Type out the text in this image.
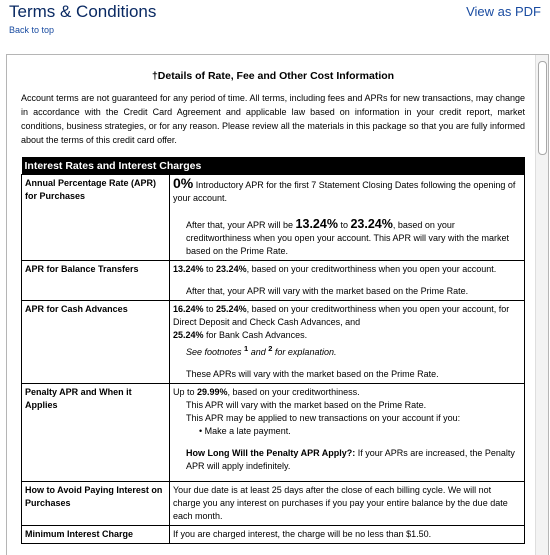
Terms & Conditions	View as PDF
Back to top
†Details of Rate, Fee and Other Cost Information
Account terms are not guaranteed for any period of time. All terms, including fees and APRs for new transactions, may change in accordance with the Credit Card Agreement and applicable law based on information in your credit report, market conditions, business strategies, or for any reason. Please review all the materials in this package so that you are fully informed about the terms of this credit card offer.
Interest Rates and Interest Charges	
Annual Percentage Rate (APR) for Purchases	0% Introductory APR for the first 7 Statement Closing Dates following the opening of your account.
After that, your APR will be 13.24% to 23.24%, based on your creditworthiness when you open your account. This APR will vary with the market based on the Prime Rate.

APR for Balance Transfers	13.24% to 23.24%, based on your creditworthiness when you open your account.
After that, your APR will vary with the market based on the Prime Rate.

APR for Cash Advances	16.24% to 25.24%, based on your creditworthiness when you open your account, for Direct Deposit and Check Cash Advances, and
25.24% for Bank Cash Advances.
See footnotes $^1$ and $^2$ for explanation.
These APRs will vary with the market based on the Prime Rate.

Penalty APR and When it Applies	Up to 29.99%, based on your creditworthiness.
This APR will vary with the market based on the Prime Rate.
This APR may be applied to new transactions on your account if you:
• Make a late payment.
How Long Will the Penalty APR Apply?: If your APRs are increased, the Penalty APR will apply indefinitely.

How to Avoid Paying Interest on Purchases	Your due date is at least 25 days after the close of each billing cycle. We will not charge you any interest on purchases if you pay your entire balance by the due date each month.
Minimum Interest Charge	If you are charged interest, the charge will be no less than $1.50.
